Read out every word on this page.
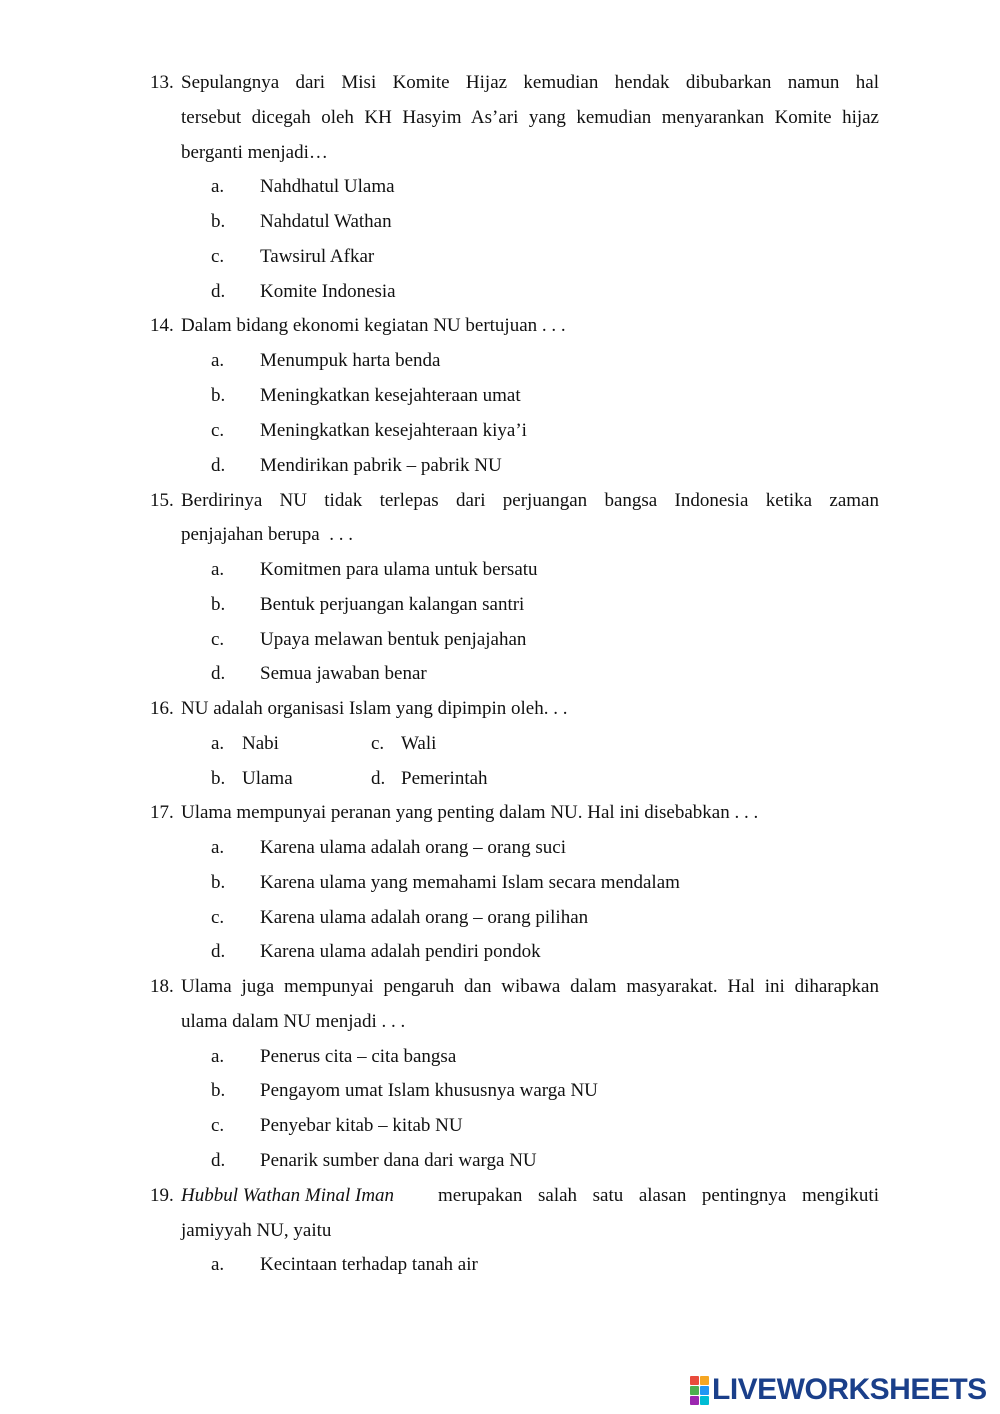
13. Sepulangnya dari Misi Komite Hijaz kemudian hendak dibubarkan namun hal
tersebut dicegah oleh KH Hasyim As’ari yang kemudian menyarankan Komite hijaz
berganti menjadi…
a. Nahdhatul Ulama
b. Nahdatul Wathan
c. Tawsirul Afkar
d. Komite Indonesia
14. Dalam bidang ekonomi kegiatan NU bertujuan . . .
a. Menumpuk harta benda
b. Meningkatkan kesejahteraan umat
c. Meningkatkan kesejahteraan kiya’i
d. Mendirikan pabrik – pabrik NU
15. Berdirinya NU tidak terlepas dari perjuangan bangsa Indonesia ketika zaman
penjajahan berupa  . . .
a. Komitmen para ulama untuk bersatu
b. Bentuk perjuangan kalangan santri
c. Upaya melawan bentuk penjajahan
d. Semua jawaban benar
16. NU adalah organisasi Islam yang dipimpin oleh. . .
a. Nabi	c. Wali
b. Ulama	d. Pemerintah
17. Ulama mempunyai peranan yang penting dalam NU. Hal ini disebabkan . . .
a. Karena ulama adalah orang – orang suci
b. Karena ulama yang memahami Islam secara mendalam
c. Karena ulama adalah orang – orang pilihan
d. Karena ulama adalah pendiri pondok
18. Ulama juga mempunyai pengaruh dan wibawa dalam masyarakat. Hal ini diharapkan
ulama dalam NU menjadi . . .
a. Penerus cita – cita bangsa
b. Pengayom umat Islam khususnya warga NU
c. Penyebar kitab – kitab NU
d. Penarik sumber dana dari warga NU
19. Hubbul Wathan Minal Iman merupakan salah satu alasan pentingnya mengikuti
jamiyyah NU, yaitu
a. Kecintaan terhadap tanah air
LIVEWORKSHEETS
